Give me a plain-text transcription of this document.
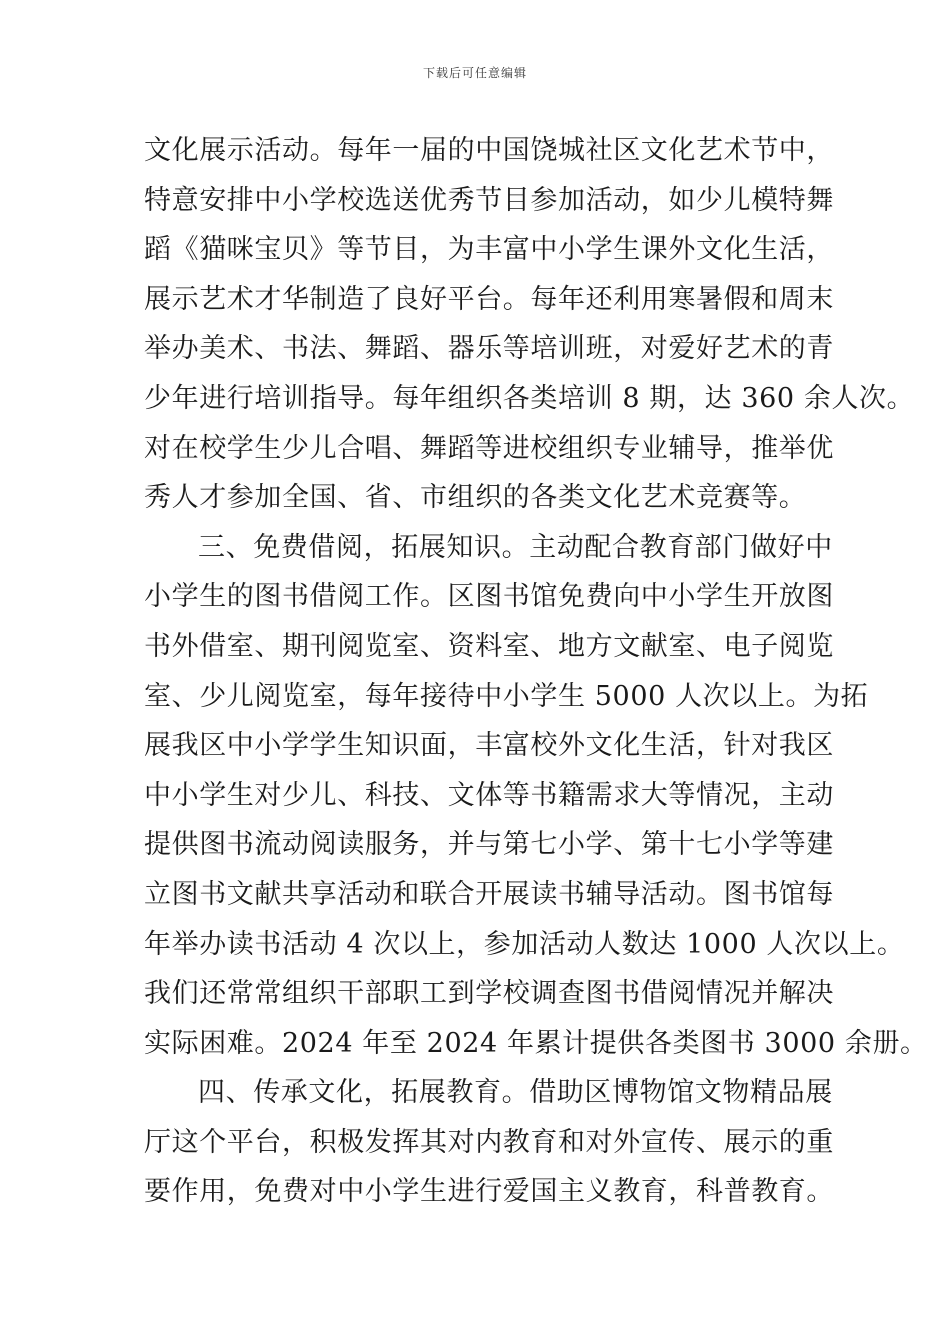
下载后可任意编辑
文化展示活动。每年一届的中国饶城社区文化艺术节中，
特意安排中小学校选送优秀节目参加活动，如少儿模特舞
蹈《猫咪宝贝》等节目，为丰富中小学生课外文化生活，
展示艺术才华制造了良好平台。每年还利用寒暑假和周末
举办美术、书法、舞蹈、器乐等培训班，对爱好艺术的青
少年进行培训指导。每年组织各类培训 8 期，达 360 余人次。
对在校学生少儿合唱、舞蹈等进校组织专业辅导，推举优
秀人才参加全国、省、市组织的各类文化艺术竞赛等。
三、免费借阅，拓展知识。主动配合教育部门做好中
小学生的图书借阅工作。区图书馆免费向中小学生开放图
书外借室、期刊阅览室、资料室、地方文献室、电子阅览
室、少儿阅览室，每年接待中小学生 5000 人次以上。为拓
展我区中小学学生知识面，丰富校外文化生活，针对我区
中小学生对少儿、科技、文体等书籍需求大等情况，主动
提供图书流动阅读服务，并与第七小学、第十七小学等建
立图书文献共享活动和联合开展读书辅导活动。图书馆每
年举办读书活动 4 次以上，参加活动人数达 1000 人次以上。
我们还常常组织干部职工到学校调查图书借阅情况并解决
实际困难。2024 年至 2024 年累计提供各类图书 3000 余册。
四、传承文化，拓展教育。借助区博物馆文物精品展
厅这个平台，积极发挥其对内教育和对外宣传、展示的重
要作用，免费对中小学生进行爱国主义教育，科普教育。
